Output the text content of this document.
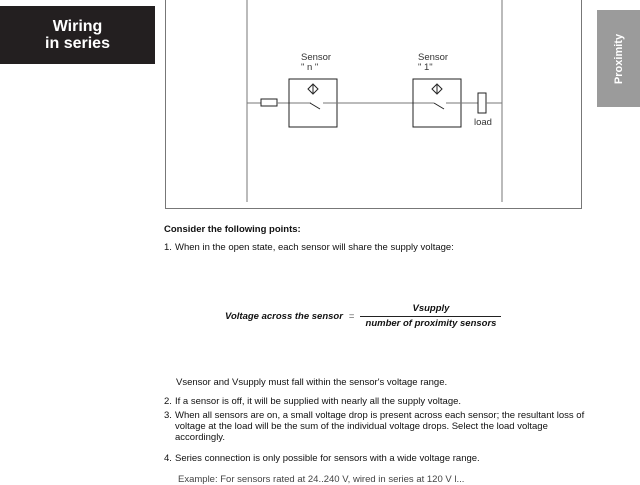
Wiring
in series	Proximity
Sensor
" n "
Sensor
" 1"
load
Consider the following points:
1. When in the open state, each sensor will share the supply voltage:
Voltage across the sensor = $\frac{\text{Vsupply}}{\text{number of proximity sensors}}$
Vsensor and Vsupply must fall within the sensor's voltage range.
2. If a sensor is off, it will be supplied with nearly all the supply voltage.
3. When all sensors are on, a small voltage drop is present across each sensor; the resultant loss of voltage at the load will be the sum of the individual voltage drops. Select the load voltage accordingly.
4. Series connection is only possible for sensors with a wide voltage range.
Example: For sensors rated at 24..240 V, wired in series at 120 V l...
